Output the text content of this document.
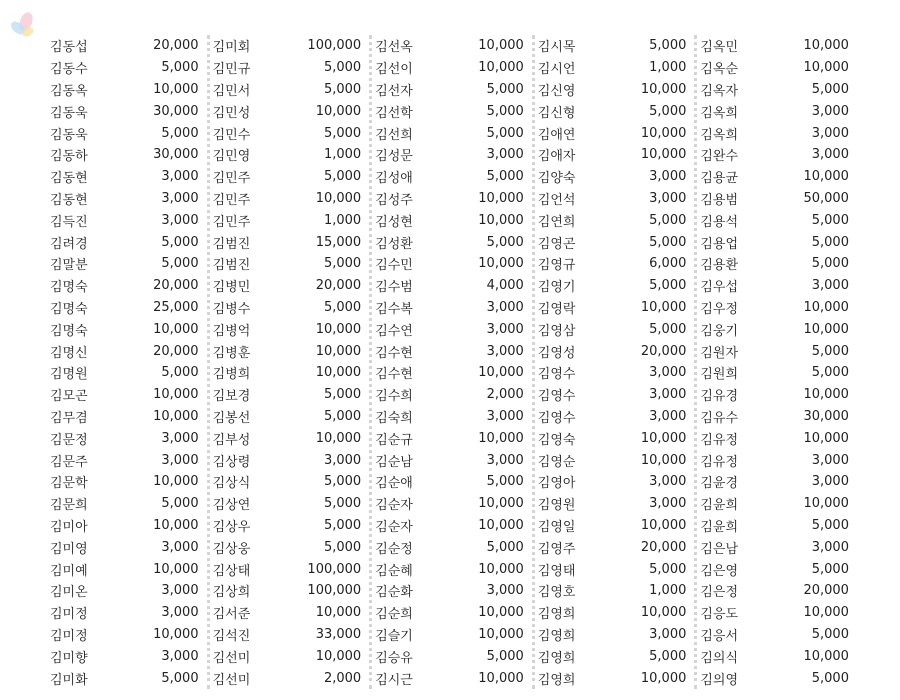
김동섭	20,000
김동수	5,000
김동옥	10,000
김동욱	30,000
김동욱	5,000
김동하	30,000
김동현	3,000
김동현	3,000
김득진	3,000
김려경	5,000
김말분	5,000
김명숙	20,000
김명숙	25,000
김명숙	10,000
김명신	20,000
김명원	5,000
김모곤	10,000
김무겸	10,000
김문정	3,000
김문주	3,000
김문학	10,000
김문희	5,000
김미아	10,000
김미영	3,000
김미예	10,000
김미온	3,000
김미정	3,000
김미정	10,000
김미향	3,000
김미화	5,000
김미회	100,000
김민규	5,000
김민서	5,000
김민성	10,000
김민수	5,000
김민영	1,000
김민주	5,000
김민주	10,000
김민주	1,000
김범진	15,000
김범진	5,000
김병민	20,000
김병수	5,000
김병억	10,000
김병훈	10,000
김병희	10,000
김보경	5,000
김봉선	5,000
김부성	10,000
김상령	3,000
김상식	5,000
김상연	5,000
김상우	5,000
김상웅	5,000
김상태	100,000
김상희	100,000
김서준	10,000
김석진	33,000
김선미	10,000
김선미	2,000
김선옥	10,000
김선이	10,000
김선자	5,000
김선학	5,000
김선희	5,000
김성문	3,000
김성애	5,000
김성주	10,000
김성현	10,000
김성환	5,000
김수민	10,000
김수범	4,000
김수복	3,000
김수연	3,000
김수현	3,000
김수현	10,000
김수희	2,000
김숙희	3,000
김순규	10,000
김순남	3,000
김순애	5,000
김순자	10,000
김순자	10,000
김순정	5,000
김순혜	10,000
김순화	3,000
김순희	10,000
김슬기	10,000
김승유	5,000
김시근	10,000
김시목	5,000
김시언	1,000
김신영	10,000
김신형	5,000
김애연	10,000
김애자	10,000
김양숙	3,000
김언석	3,000
김연희	5,000
김영곤	5,000
김영규	6,000
김영기	5,000
김영락	10,000
김영삼	5,000
김영성	20,000
김영수	3,000
김영수	3,000
김영수	3,000
김영숙	10,000
김영순	10,000
김영아	3,000
김영원	3,000
김영일	10,000
김영주	20,000
김영태	5,000
김영호	1,000
김영희	10,000
김영희	3,000
김영희	5,000
김영희	10,000
김옥민	10,000
김옥순	10,000
김옥자	5,000
김옥희	3,000
김옥희	3,000
김완수	3,000
김용균	10,000
김용범	50,000
김용석	5,000
김용업	5,000
김용환	5,000
김우섭	3,000
김우정	10,000
김웅기	10,000
김원자	5,000
김원희	5,000
김유경	10,000
김유수	30,000
김유정	10,000
김유정	3,000
김윤경	3,000
김윤희	10,000
김윤희	5,000
김은남	3,000
김은영	5,000
김은정	20,000
김응도	10,000
김응서	5,000
김의식	10,000
김의영	5,000
